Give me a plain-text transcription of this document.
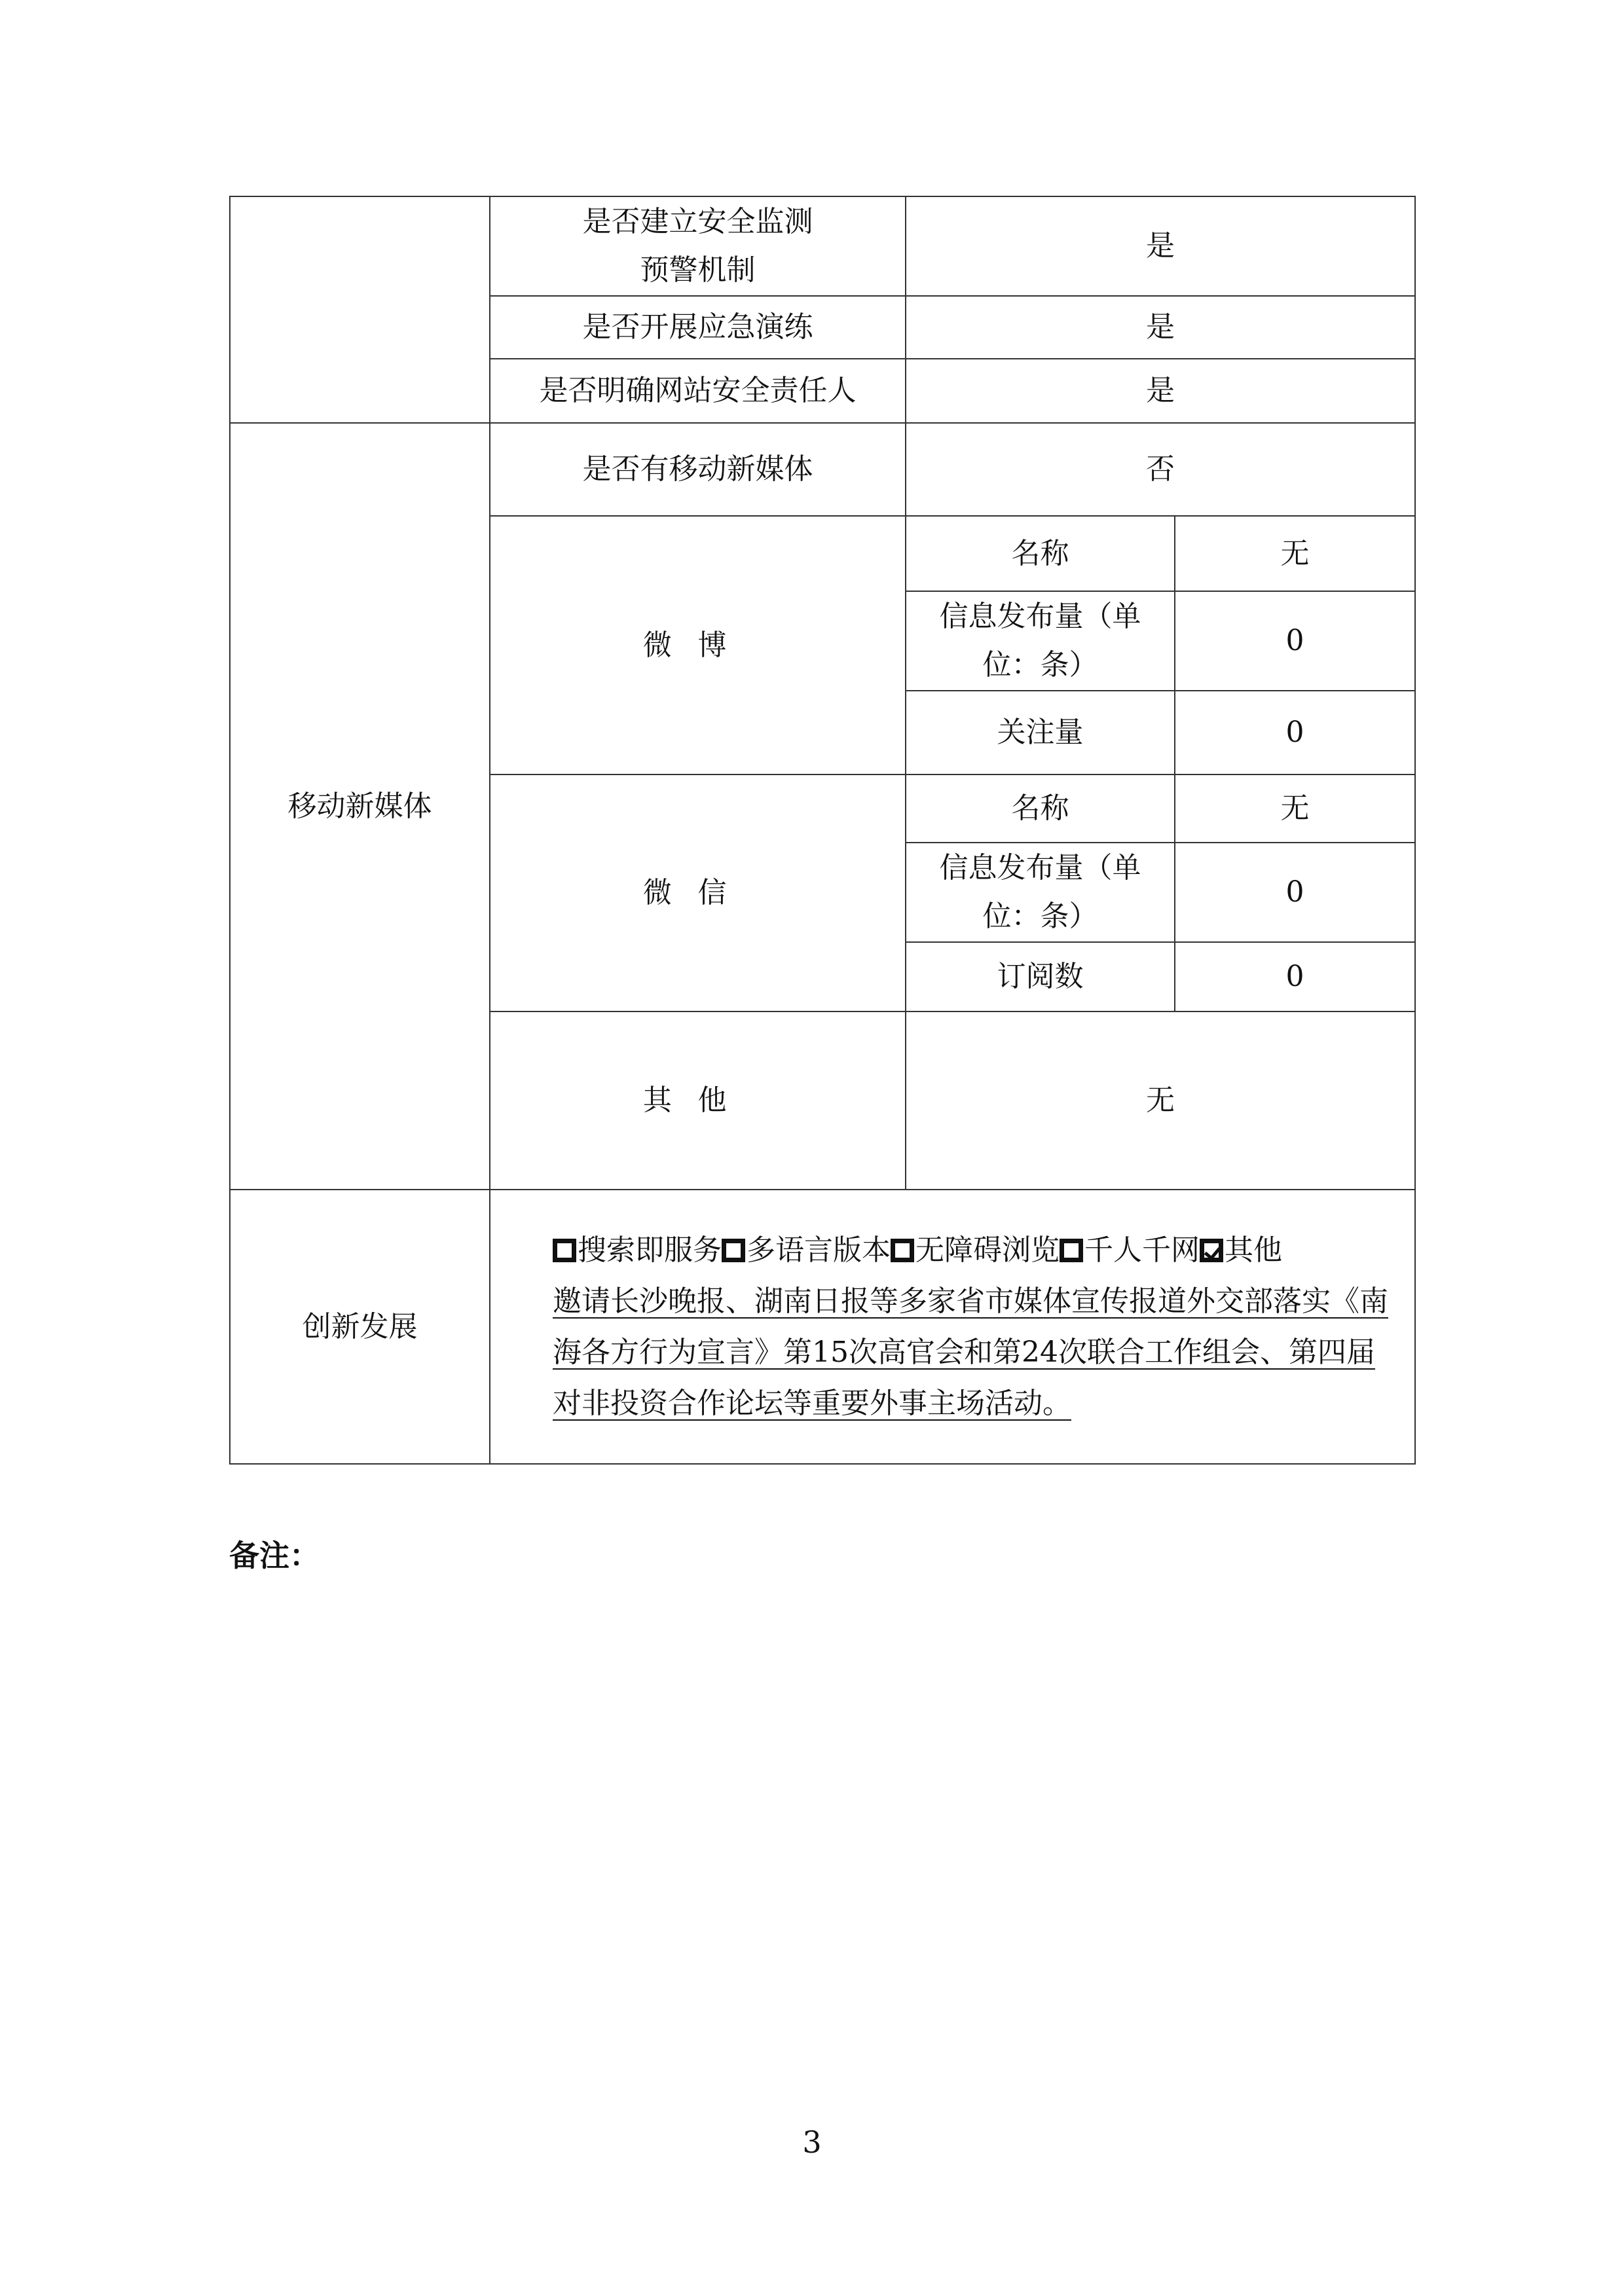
	是否建立安全监测预警机制	是	
	是否开展应急演练	是	
	是否明确网站安全责任人	是	
移动新媒体	是否有移动新媒体	否	
	微博	名称	无
		信息发布量（单位：条）	0
		关注量	0
	微信	名称	无
		信息发布量（单位：条）	0
		订阅数	0
	其他	无	
创新发展	搜索即服务 多语言版本 无障碍浏览 千人千网 其他
邀请长沙晚报、湖南日报等多家省市媒体宣传报道外交部落实《南海各方行为宣言》第15次高官会和第24次联合工作组会、第四届对非投资合作论坛等重要外事主场活动。		
备注：
3
